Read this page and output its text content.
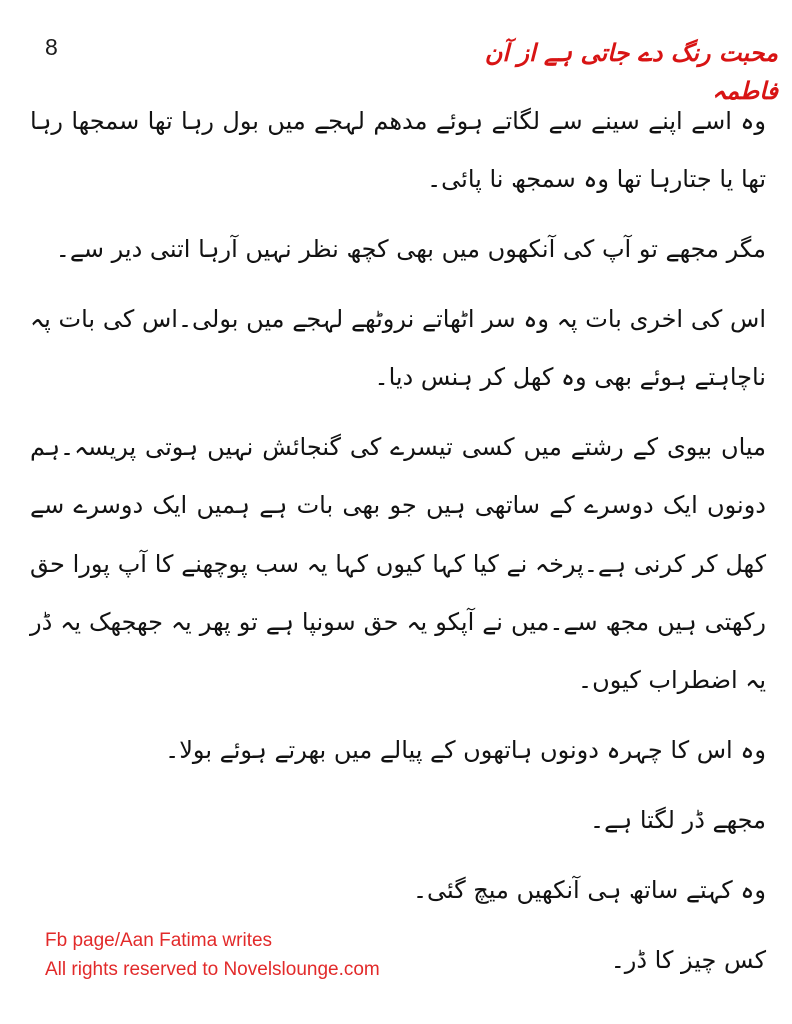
8	محبت رنگ دے جاتی ہے از آن فاطمہ

وہ اسے اپنے سینے سے لگاتے ہوئے مدھم لہجے میں بول رہا تھا سمجھا رہا تھا یا جتارہا تھا وہ سمجھ نا پائی۔

مگر مجھے تو آپ کی آنکھوں میں بھی کچھ نظر نہیں آرہا اتنی دیر سے۔

اس کی اخری بات پہ وہ سر اٹھاتے نروٹھے لہجے میں بولی۔اس کی بات پہ ناچاہتے ہوئے بھی وہ کھل کر ہنس دیا۔

میاں بیوی کے رشتے میں کسی تیسرے کی گنجائش نہیں ہوتی پریسہ۔ہم دونوں ایک دوسرے کے ساتھی ہیں جو بھی بات ہے ہمیں ایک دوسرے سے کھل کر کرنی ہے۔پرخہ نے کیا کہا کیوں کہا یہ سب پوچھنے کا آپ پورا حق رکھتی ہیں مجھ سے۔میں نے آپکو یہ حق سونپا ہے تو پھر یہ جھجھک یہ ڈر یہ اضطراب کیوں۔

وہ اس کا چہرہ دونوں ہاتھوں کے پیالے میں بھرتے ہوئے بولا۔

مجھے ڈر لگتا ہے۔

وہ کہتے ساتھ ہی آنکھیں میچ گئی۔

کس چیز کا ڈر۔

Fb page/Aan Fatima writes
All rights reserved to Novelslounge.com
